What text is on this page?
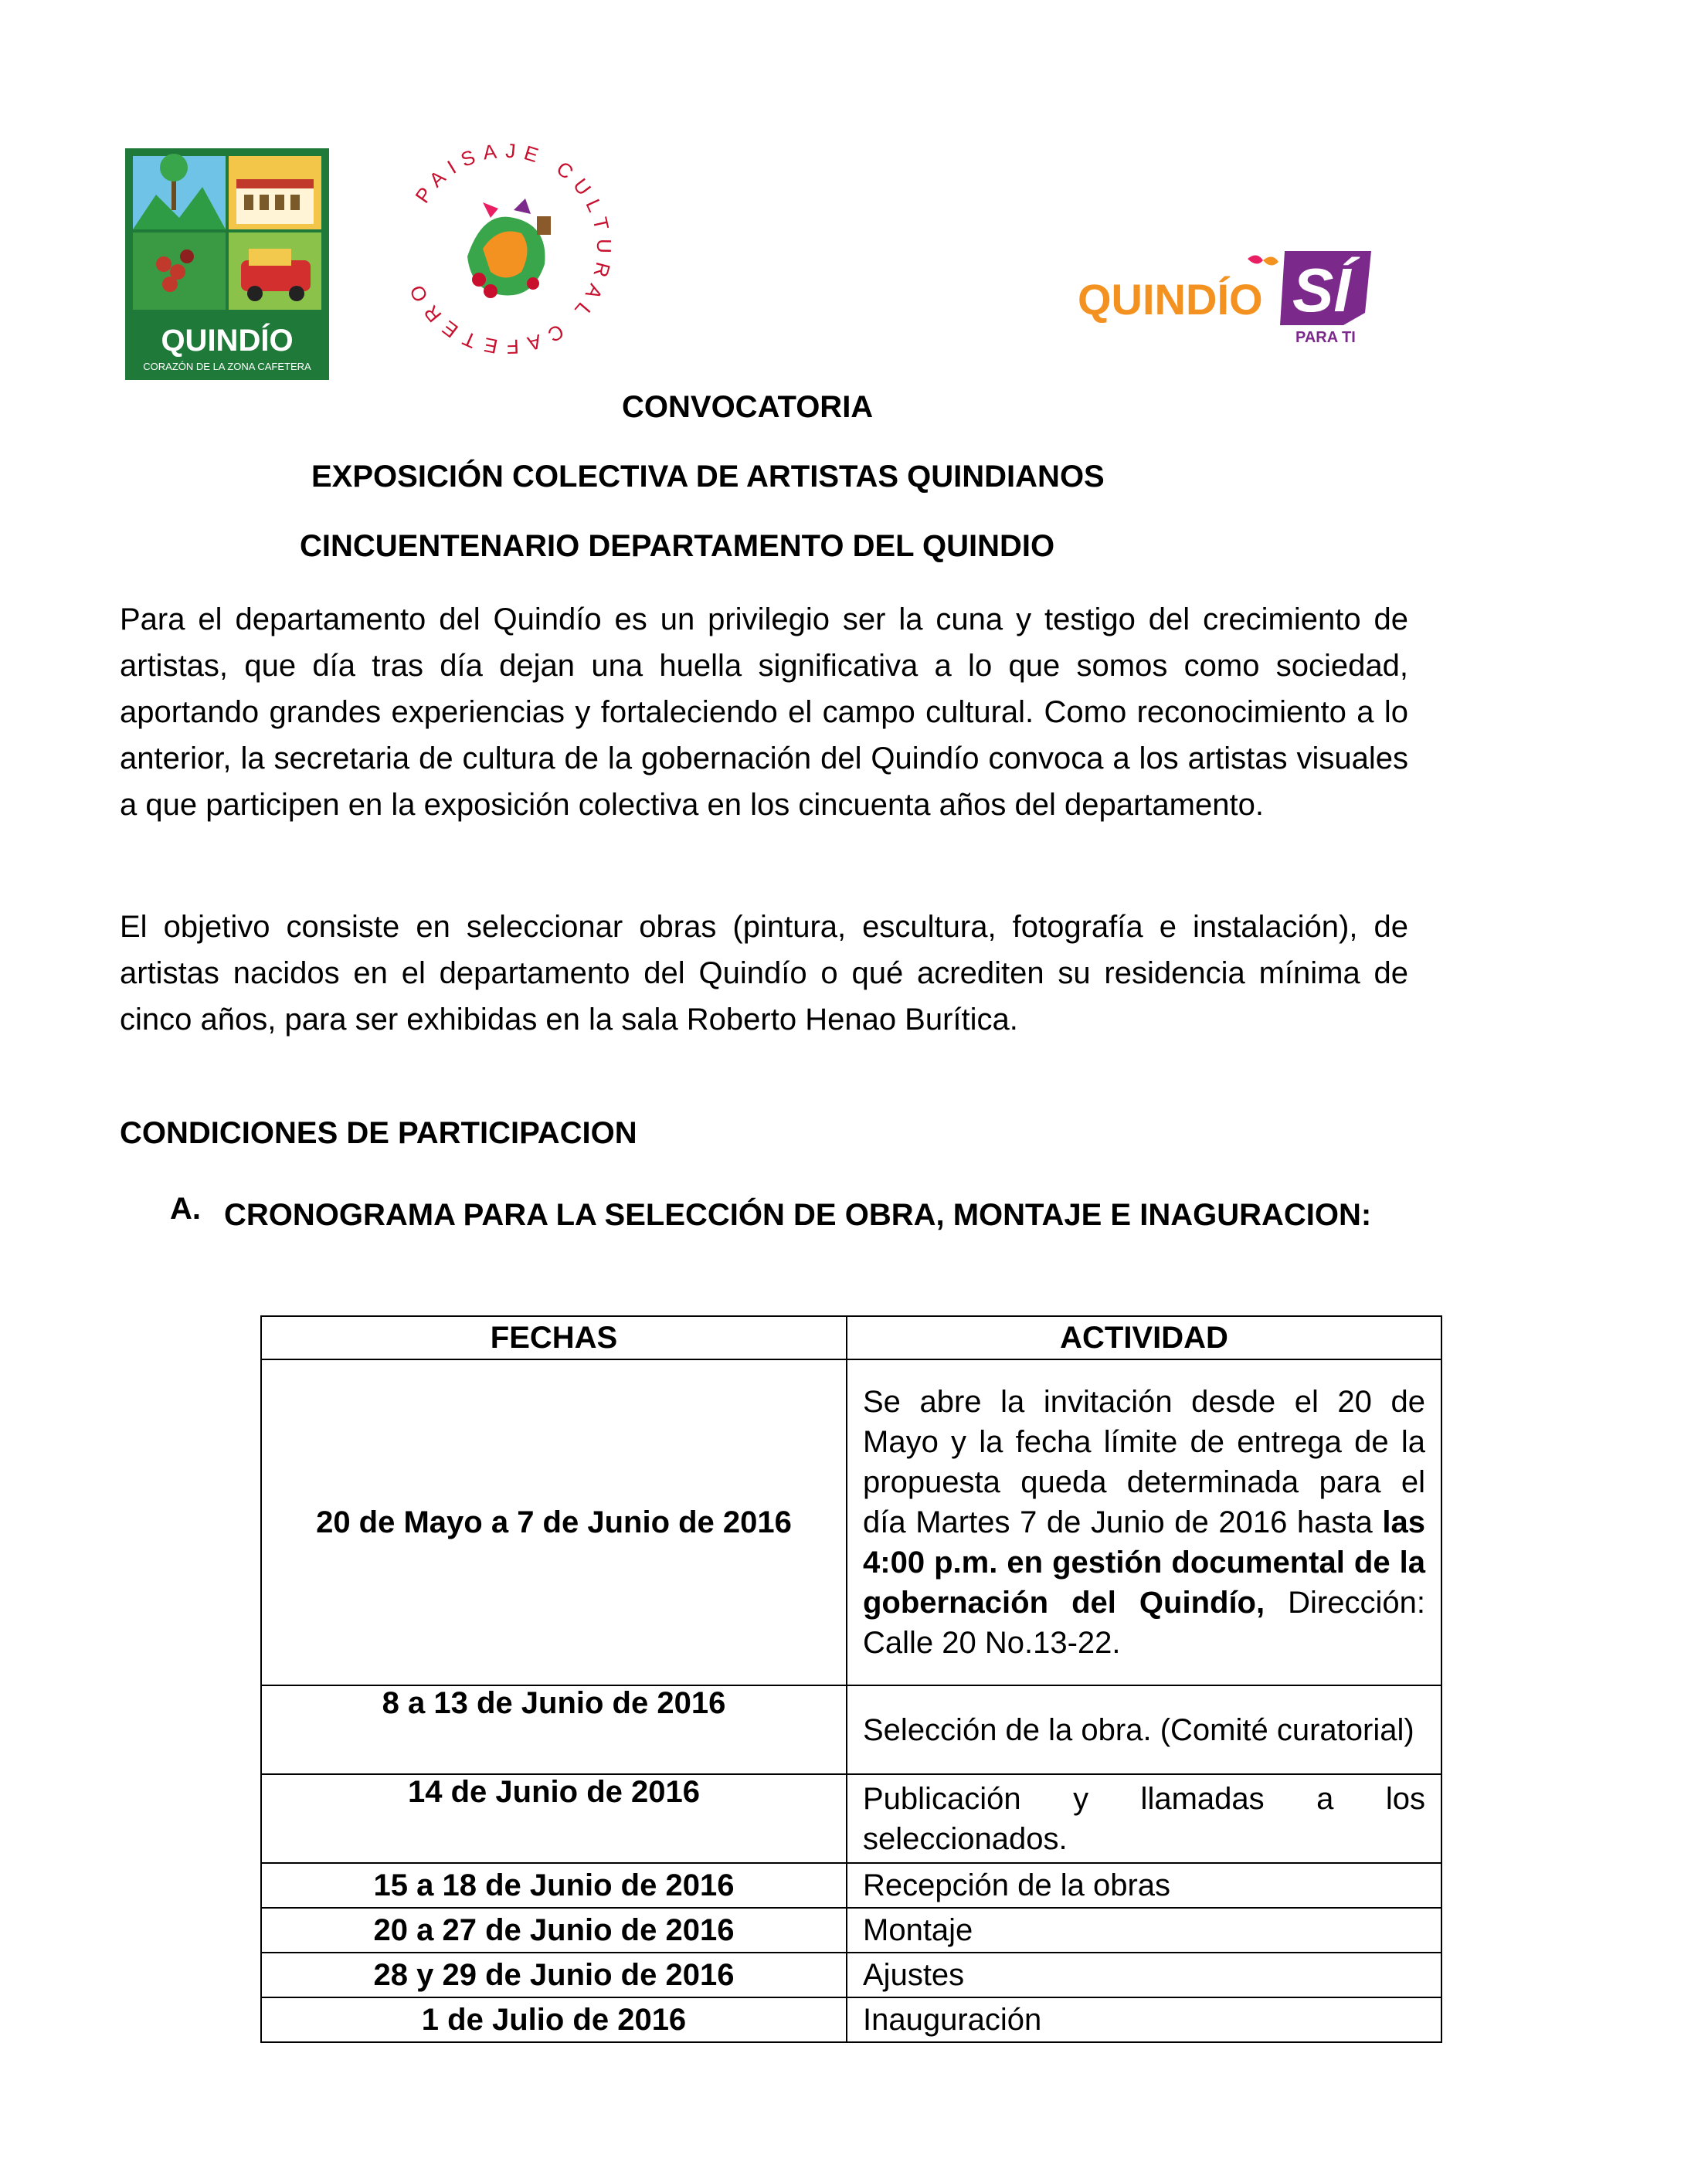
QUINDÍO
CORAZÓN DE LA ZONA CAFETERA
PAISAJE CULTURAL CAFETERO	QUINDÍO SÍ
PARA TI
CONVOCATORIA
EXPOSICIÓN COLECTIVA DE ARTISTAS QUINDIANOS
CINCUENTENARIO DEPARTAMENTO DEL QUINDIO
Para el departamento del Quindío es un privilegio ser la cuna y testigo del crecimiento de artistas, que día tras día dejan una huella significativa a lo que somos como sociedad, aportando grandes experiencias y fortaleciendo el campo cultural. Como reconocimiento a lo anterior, la secretaria de cultura de la gobernación del Quindío convoca a los artistas visuales a que participen en la exposición colectiva en los cincuenta años del departamento.
El objetivo consiste en seleccionar obras (pintura, escultura, fotografía e instalación), de artistas nacidos en el departamento del Quindío o qué acrediten su residencia mínima de cinco años, para ser exhibidas en la sala Roberto Henao Burítica.
CONDICIONES DE PARTICIPACION
A. CRONOGRAMA PARA LA SELECCIÓN DE OBRA, MONTAJE E INAGURACION:
FECHAS	ACTIVIDAD
20 de Mayo a 7 de Junio de 2016	Se abre la invitación desde el 20 de Mayo y la fecha límite de entrega de la propuesta queda determinada para el día Martes 7 de Junio de 2016 hasta las 4:00 p.m. en gestión documental de la gobernación del Quindío, Dirección: Calle 20 No.13-22.
8 a 13 de Junio de 2016	Selección de la obra. (Comité curatorial)
14 de Junio de 2016	Publicación y llamadas a los seleccionados.
15 a 18 de Junio de 2016	Recepción de la obras
20 a 27 de Junio de 2016	Montaje
28 y 29 de Junio de 2016	Ajustes
1 de Julio de 2016	Inauguración
